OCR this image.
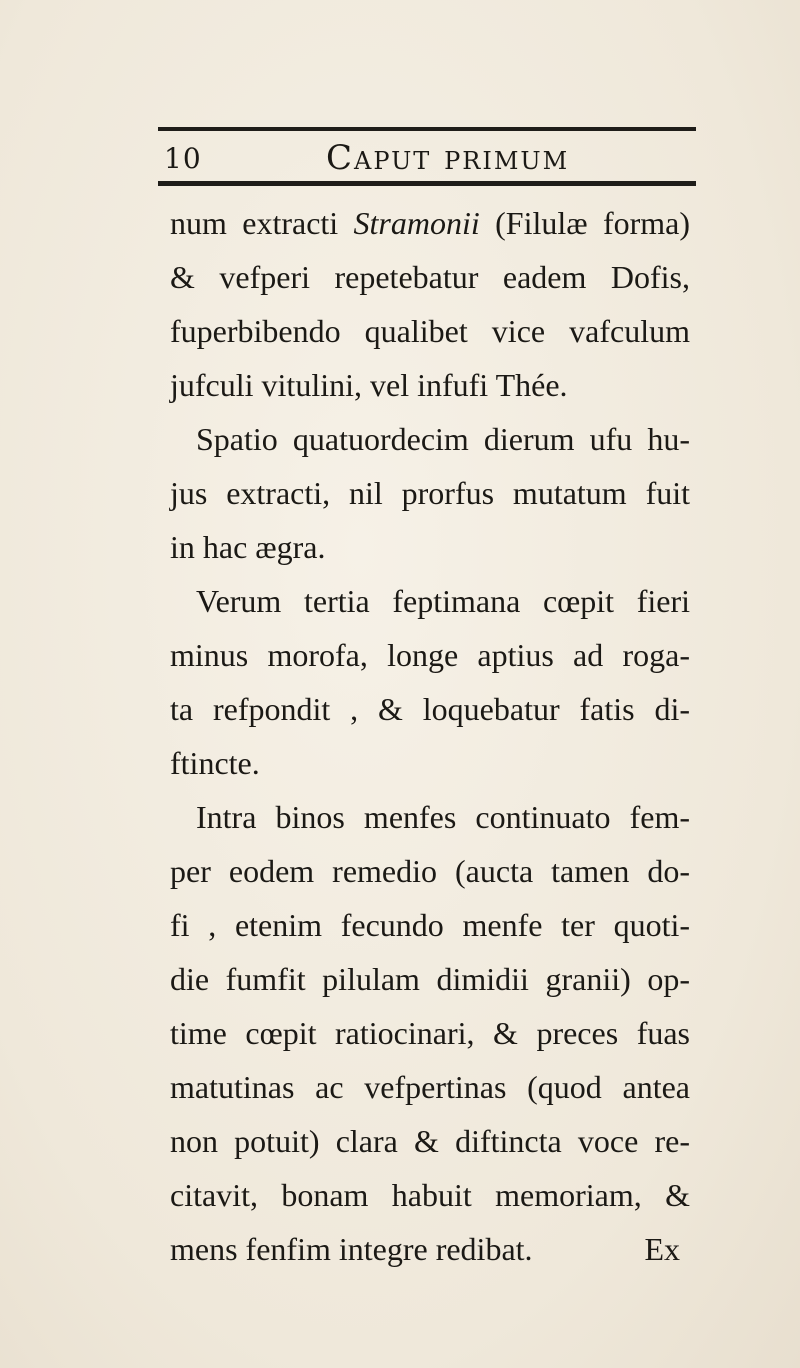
10	Caput primum
num extracti Stramonii (Filulæ forma)
& vefperi repetebatur eadem Dofis,
fuperbibendo qualibet vice vafculum
jufculi vitulini, vel infufi Thée.
Spatio quatuordecim dierum ufu hu-
jus extracti, nil prorfus mutatum fuit
in hac ægra.
Verum tertia feptimana cœpit fieri
minus morofa, longe aptius ad roga-
ta refpondit , & loquebatur fatis di-
ftincte.
Intra binos menfes continuato fem-
per eodem remedio (aucta tamen do-
fi , etenim fecundo menfe ter quoti-
die fumfit pilulam dimidii granii) op-
time cœpit ratiocinari, & preces fuas
matutinas ac vefpertinas (quod antea
non potuit) clara & diftincta voce re-
citavit, bonam habuit memoriam, &
mens fenfim integre redibat.	Ex
